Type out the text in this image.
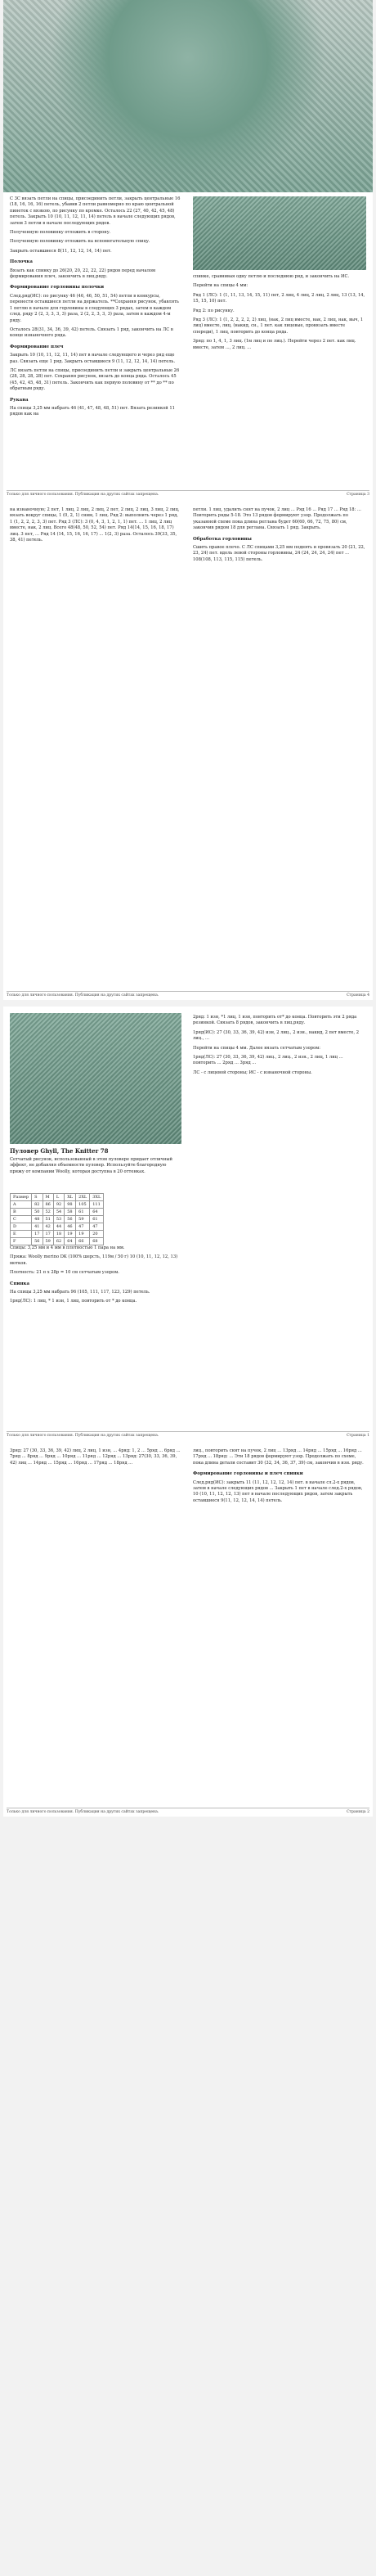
С 3С вязать петли на спицы, присоединить петли, закрыть центральные 16 (18, 16, 16, 16) петель, убавив 2 петли равномерно по краю центральной пинеток с вязкою, по рисунку по кромке. Осталось 22 (27, 40, 42, 45, 48) петель. Закрыть 10 (10, 11, 12, 11, 14) петель в начале следующих рядов, затем 3 петли в начале последующих рядов.

Полученную половинку отложить в сторону.

Полученную половинку отложить на вспомогательную спицу.

Закрыть оставшиеся 8(11, 12, 12, 14, 14) пет.

Полочка

Вязать как спинку до 26(20, 20, 22, 22, 22) рядов перед началом формирования плеч, закончить в лиц.ряду.

Формирование горловины полочки

След.ряд(ИС): по рисунку 46 (46, 46, 50, 51, 54) петли в конкурсы, перенести оставшиеся петли на держатель. **Сохраняя рисунок, убавлять 1 петлю в начале для горловины в следующих 3 рядах, затем в каждом след. ряду 2 (2, 3, 3, 3, 3) раза, 2 (2, 2, 3, 3, 3) раза, затем в каждом 4-м ряду.

Осталось 28(31, 34, 36, 39, 42) петель. Связать 1 ряд, закончить на ЛС в конце изнаночного ряда.

Формирование плеч

Закрыть 10 (10, 11, 12, 11, 14) пет в начале следующего и через ряд еще раз. Связать еще 1 ряд. Закрыть оставшиеся 9 (11, 12, 12, 14, 14) петель.

ЛС вязать петли на спицы, присоединить петли и закрыть центральные 26 (28, 28, 28, 28) пет. Сохраняя рисунок, вязать до конца ряда. Осталось 45 (45, 42, 45, 48, 31) петель. Закончить как первую половину от ** до ** по обратным ряду.

Рукава

На спицы 3,25 мм набрать 46 (41, 47, 48, 48, 51) пет. Вязать резинкой 11 рядов как на

спинке, сравнивая одну петлю и последнюю ряд, и закончить на ИС.

Перейти на спицы 4 мм:

Ряд 1 (ЛС): 1 (1, 11, 13, 14, 15, 11) пет, 2 лиц, 4 лиц, 2 лиц, 2 лиц, 13 (13, 14, 15, 15, 10) пет.

Ряд 2: по рисунку.

Ряд 3 (ЛС): 1 (1, 2, 2, 2, 2, 2) лиц, (нак, 2 лиц вместе, нак, 2 лиц, нак, выч, 1 лиц) вместе, лиц, (накид, сн., 1 пет. как лицевые, провязать вместе спереди), 1 лиц, повторить до конца ряда.

3ряд: по 1, 4, 1, 3 лиц. (1м лиц и по лиц.). Перейти через 2 пет. как лиц. вместе, затем ..., 2 лиц. ...

Только для личного пользования. Публикация на других сайтах запрещена.	Страница 3

на изнаночную; 2 пет, 1 лиц, 2 лиц, 2 лиц, 2 пет, 2 лиц, 2 лиц, 3 лиц, 2 лиц, вязать вокруг спицы, 1 (0, 2, 1) сним, 1 лиц. Ряд 2: выполнить через 1 ряд, 1 (1, 2, 2, 2, 3, 3) пет. Ряд 3 (ЛС): 3 (0, 4, 3, 1, 2, 1, 1) пет. ... 1 лиц, 2 лиц вместе, нак, 2 лиц. Всего 48(48, 50, 52, 54) пет. Ряд 14(14, 15, 16, 18, 17) лиц. 3 пет, ... Ряд 14 (14, 15, 16, 16, 17) ... 1(2, 3) раза. Осталось 39(33, 35, 38, 41) петель.

петли. 1 лиц, удалить снят на пучок, 2 лиц ... Ряд 16 ... Ряд 17 ... Ряд 18: ... Повторить ряды 5-18. Это 13 рядов формируют узор. Продолжать по указанной схеме пока длина реглана будет 60(60, 66, 72, 75, 80) см, закончив рядом 18 для реглана. Связать 1 ряд. Закрыть.

Обработка горловины

Сшить правое плечо. С ЛС спицами 3,25 мм поднять и провязать 20 (21, 22, 23, 24) пет. вдоль левой стороны горловины, 24 (24, 24, 24, 24) пет ... 108(108, 113, 115, 115) петель.

Только для личного пользования. Публикация на других сайтах запрещена.	Страница 4
Пуловер Ghyll, The Knitter 78

Сетчатый рисунок, использованный в этом пуловере придает отличный эффект, не добавляя объемности пуловер. Используйте благородную пряжу от компании Woolly, которая доступна в 20 оттенках.

Размер	S	M	L	XL	2XL	3XL
A	82	86	92	98	105	111
B	50	52	54	58	61	64
C	48	51	53	56	59	61
D	41	42	44	46	47	47
E	17	17	18	19	19	20
F	56	59	62	64	66	68

Спицы: 3,25 мм и 4 мм в плотностью 1 пара на мм.

Пряжа: Woolly merino DK (100% шерсть, 119м / 50 г) 10 (10, 11, 12, 12, 13) мотков.

Плотность: 21 п x 28р = 10 см сетчатым узором.

Спинка

На спицы 3,25 мм набрать 96 (105, 111, 117, 123, 129) петель.

1ряд(ЛС): 1 лиц, * 1 изн, 1 лиц, повторить от * до конца.

2ряд: 1 изн, *1 лиц, 1 изн, повторить от* до конца. Повторить эти 2 ряда резинкой. Связать 8 рядов, закончить в лиц.ряду.

1ряд(ИС): 27 (30, 33, 36, 39, 42) изн, 2 лиц., 2 изн., накид, 2 пет вместе, 2 лиц., ...

Перейти на спицы 4 мм. Далее вязать сетчатым узором:

1ряд(ЛС): 27 (30, 33, 36, 39, 42) лиц., 2 лиц., 2 изн., 2 лиц, 1 лиц ... повторить ... 2ряд ... 3ряд ...

ЛС - с лицевой стороны; ИС - с изнаночной стороны.

Только для личного пользования. Публикация на других сайтах запрещена.	Страница 1

3ряд: 27 (30, 33, 36, 39, 42) лиц, 2 лиц, 1 изн, ... 4ряд: 1, 2 ... 5ряд ... 6ряд ... 7ряд ... 8ряд ... 9ряд ... 10ряд ... 11ряд ... 12ряд ... 13ряд: 27(30, 33, 36, 39, 42) лиц ... 14ряд ... 15ряд ... 16ряд ... 17ряд ... 18ряд ...

лиц., повторить снят на пучок, 2 лиц ... 13ряд ... 14ряд ... 15ряд ... 16ряд ... 17ряд ... 18ряд: ... Эти 18 рядов формируют узор. Продолжать по схеме, пока длина детали составит 30 (32, 34, 36, 37, 39) см, закончив в изн. ряду.

Формирование горловины и плеч спинки

След.ряд(ИС): закрыть 11 (11, 12, 12, 12, 14) пет. в начале сл.2-х рядов, затем в начале следующих рядов ... Закрыть 1 пет в начале след.2-х рядов, 10 (10, 11, 12, 12, 13) пет в начале последующих рядов, затем закрыть оставшиеся 9(11, 12, 12, 14, 14) петель.

Только для личного пользования. Публикация на других сайтах запрещена.	Страница 2
